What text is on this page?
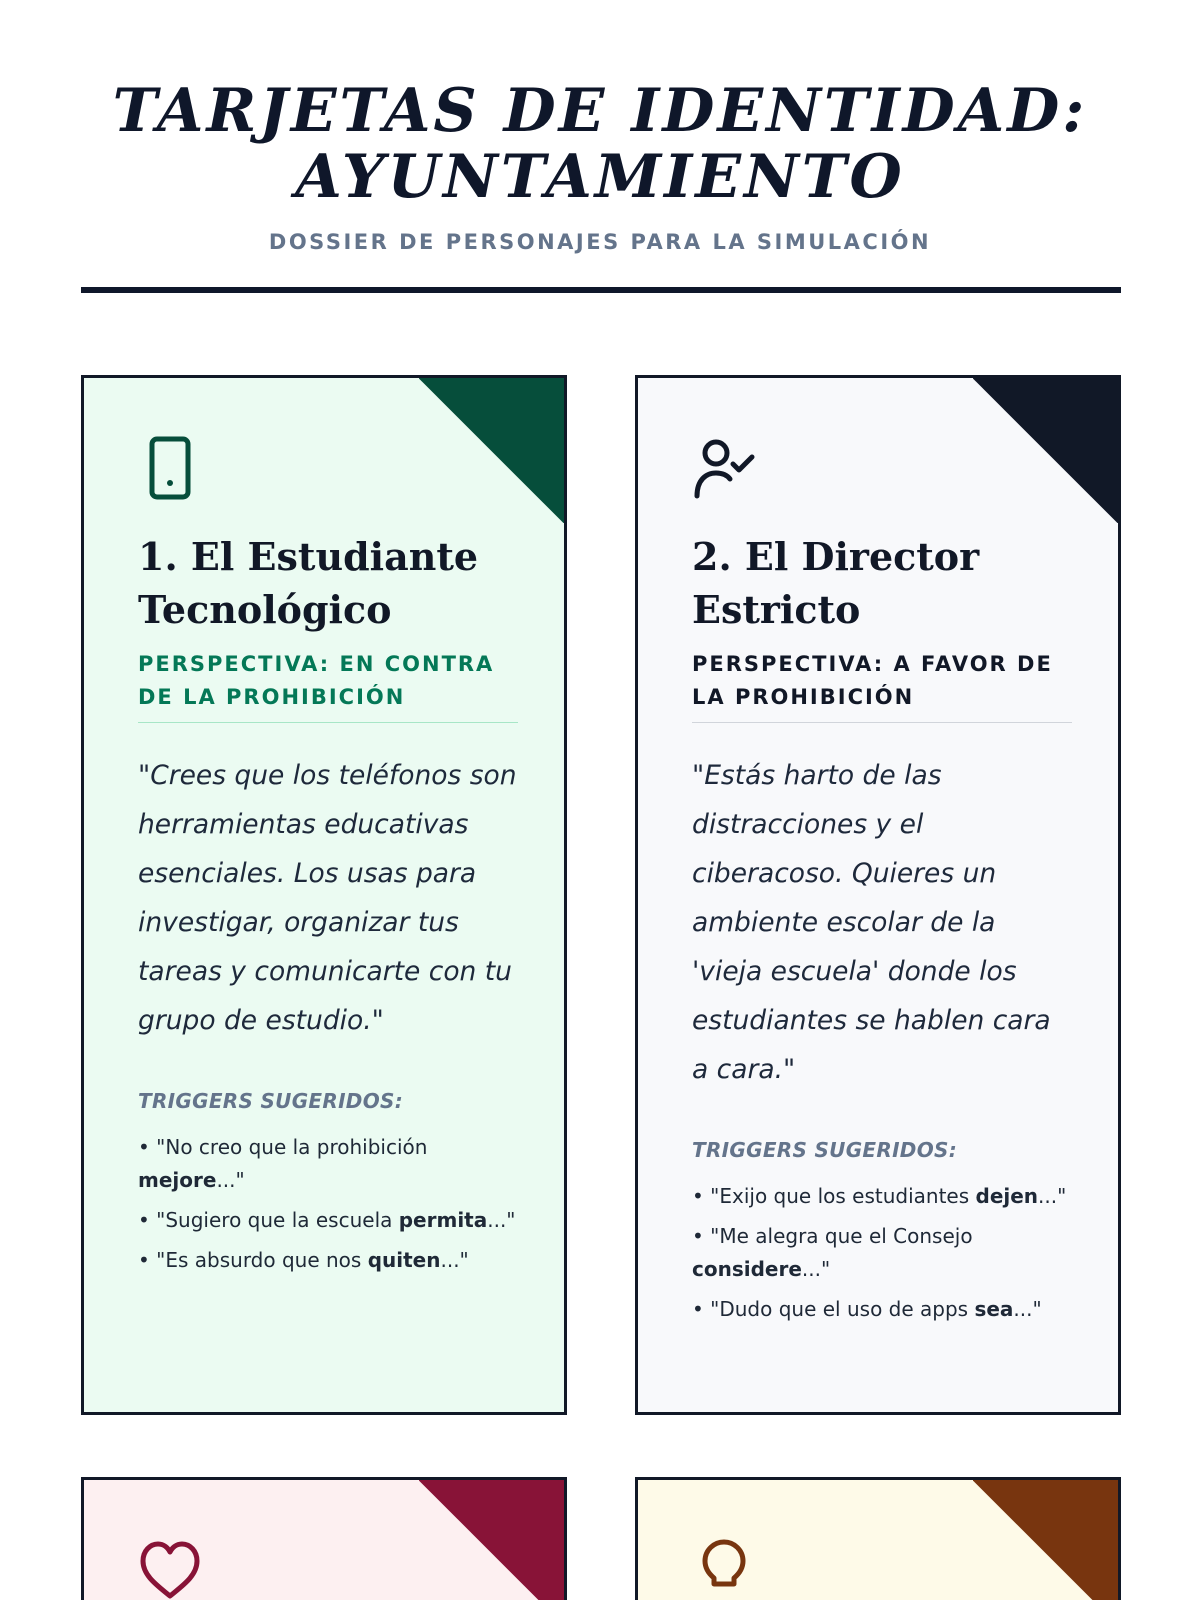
TARJETAS DE IDENTIDAD:
AYUNTAMIENTO
DOSSIER DE PERSONAJES PARA LA SIMULACIÓN
1. El Estudiante
Tecnológico
PERSPECTIVA: EN CONTRA
DE LA PROHIBICIÓN
"Crees que los teléfonos son herramientas educativas esenciales. Los usas para investigar, organizar tus tareas y comunicarte con tu grupo de estudio."
TRIGGERS SUGERIDOS:
• "No creo que la prohibición mejore..."
• "Sugiero que la escuela permita..."
• "Es absurdo que nos quiten..."
2. El Director
Estricto
PERSPECTIVA: A FAVOR DE
LA PROHIBICIÓN
"Estás harto de las distracciones y el ciberacoso. Quieres un ambiente escolar de la 'vieja escuela' donde los estudiantes se hablen cara a cara."
TRIGGERS SUGERIDOS:
• "Exijo que los estudiantes dejen..."
• "Me alegra que el Consejo considere..."
• "Dudo que el uso de apps sea..."
